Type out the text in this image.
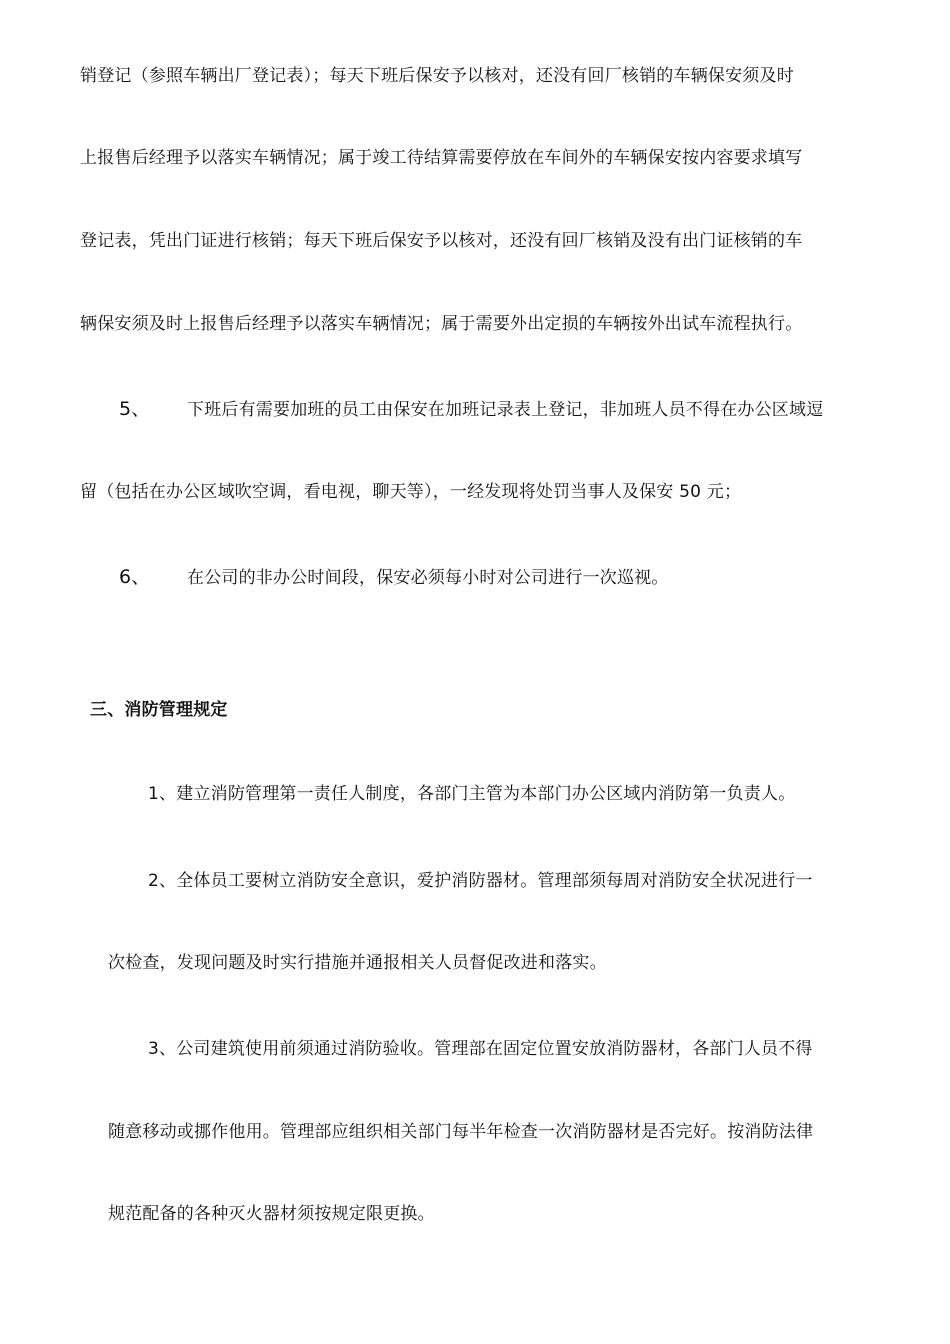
销登记（参照车辆出厂登记表）；每天下班后保安予以核对，还没有回厂核销的车辆保安须及时
上报售后经理予以落实车辆情况；属于竣工待结算需要停放在车间外的车辆保安按内容要求填写
登记表，凭出门证进行核销；每天下班后保安予以核对，还没有回厂核销及没有出门证核销的车
辆保安须及时上报售后经理予以落实车辆情况；属于需要外出定损的车辆按外出试车流程执行。
5、 下班后有需要加班的员工由保安在加班记录表上登记，非加班人员不得在办公区域逗
留（包括在办公区域吹空调，看电视，聊天等），一经发现将处罚当事人及保安 50 元；
6、 在公司的非办公时间段，保安必须每小时对公司进行一次巡视。
三、消防管理规定
1、建立消防管理第一责任人制度，各部门主管为本部门办公区域内消防第一负责人。
2、全体员工要树立消防安全意识，爱护消防器材。管理部须每周对消防安全状况进行一
次检查，发现问题及时实行措施并通报相关人员督促改进和落实。
3、公司建筑使用前须通过消防验收。管理部在固定位置安放消防器材，各部门人员不得
随意移动或挪作他用。管理部应组织相关部门每半年检查一次消防器材是否完好。按消防法律
规范配备的各种灭火器材须按规定限更换。
